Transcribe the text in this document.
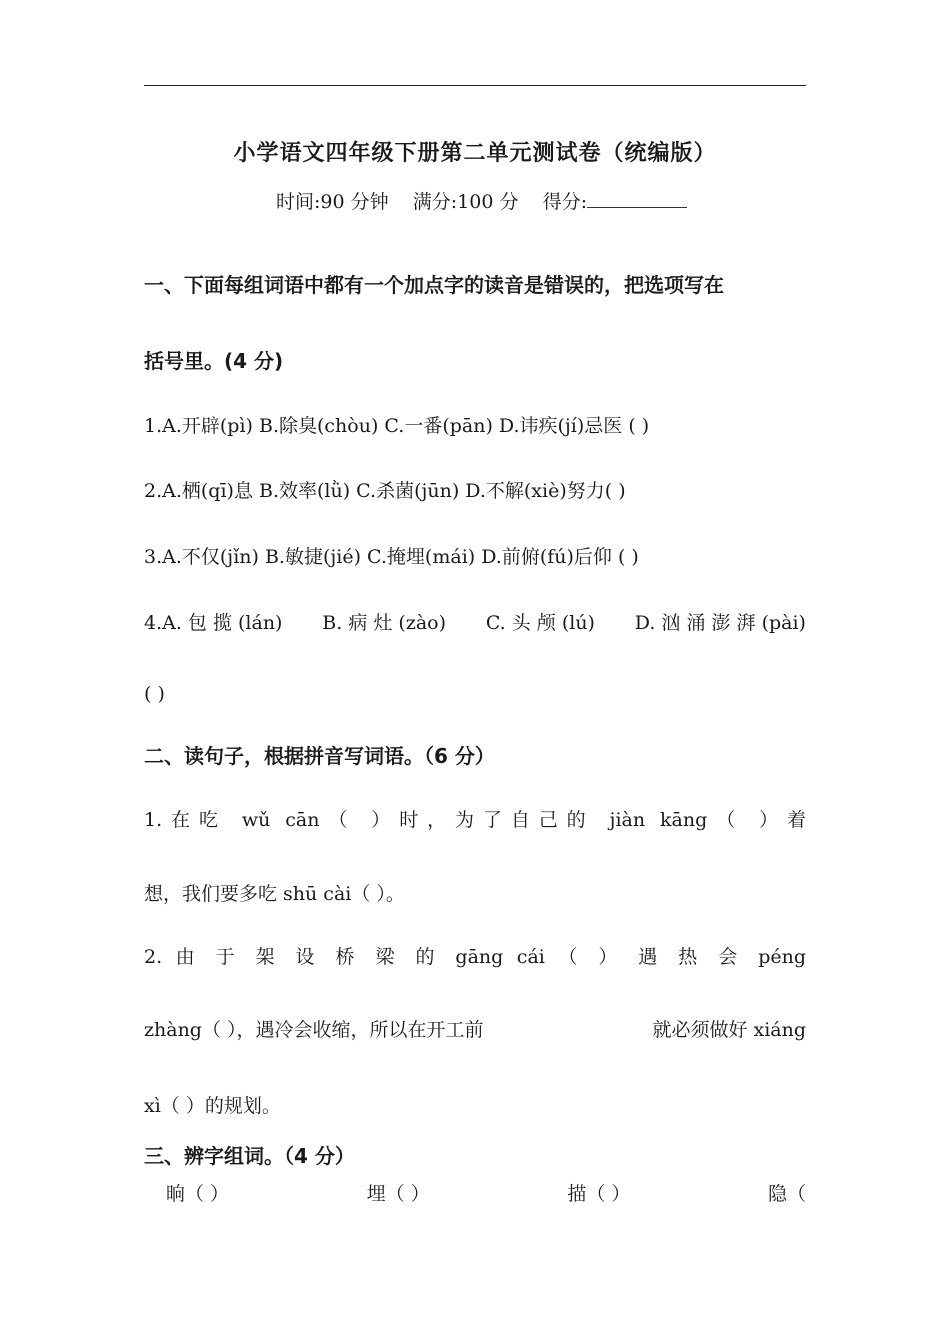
小学语文四年级下册第二单元测试卷（统编版）
时间:90 分钟 满分:100 分 得分:
一、下面每组词语中都有一个加点字的读音是错误的，把选项写在
括号里。(4 分)
1.A.开辟(pì) B.除臭(chòu) C.一番(pān) D.讳疾(jí)忌医 ( )
2.A.栖(qī)息 B.效率(lǜ) C.杀菌(jūn) D.不解(xiè)努力( )
3.A.不仅(jǐn) B.敏捷(jié) C.掩埋(mái) D.前俯(fú)后仰 ( )
4.A. 包 揽 (lán) B. 病 灶 (zào) C. 头 颅 (lú) D. 汹 涌 澎 湃 (pài)
( )
二、读句子，根据拼音写词语。（6 分）
1.在吃 wǔ cān（ ）时，为了自己的 jiàn kāng（ ）着
想，我们要多吃 shū cài（ ）。
2. 由 于 架 设 桥 梁 的 gāng cái （ ） 遇 热 会 péng
zhàng（ ），遇冷会收缩，所以在开工前	就必须做好 xiáng
xì（ ）的规划。
三、辨字组词。（4 分）
晌（ ）	埋（ ）	描（ ）	隐（
